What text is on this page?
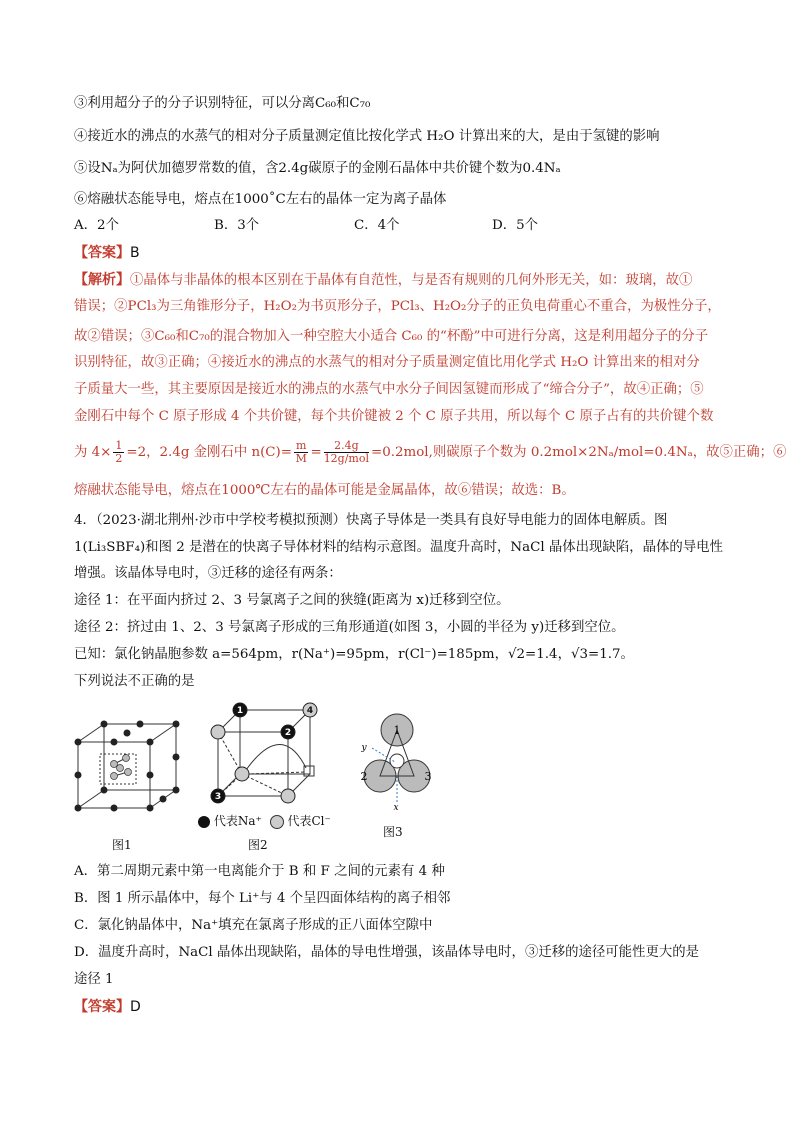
③利用超分子的分子识别特征，可以分离C₆₀和C₇₀
④接近水的沸点的水蒸气的相对分子质量测定值比按化学式 H₂O 计算出来的大，是由于氢键的影响
⑤设Nₐ为阿伏加德罗常数的值，含2.4g碳原子的金刚石晶体中共价键个数为0.4Nₐ
⑥熔融状态能导电，熔点在1000˚C左右的晶体一定为离子晶体
A．2个	B．3个	C．4个	D．5个
【答案】B
【解析】①晶体与非晶体的根本区别在于晶体有自范性，与是否有规则的几何外形无关，如：玻璃，故①
错误；②PCl₃为三角锥形分子，H₂O₂为书页形分子，PCl₃、H₂O₂分子的正负电荷重心不重合，为极性分子，
故②错误；③C₆₀和C₇₀的混合物加入一种空腔大小适合 C₆₀ 的“杯酚”中可进行分离，这是利用超分子的分子
识别特征，故③正确；④接近水的沸点的水蒸气的相对分子质量测定值比用化学式 H₂O 计算出来的相对分
子质量大一些，其主要原因是接近水的沸点的水蒸气中水分子间因氢键而形成了“缔合分子”，故④正确；⑤
金刚石中每个 C 原子形成 4 个共价键，每个共价键被 2 个 C 原子共用，所以每个 C 原子占有的共价键个数
为 $4\times \frac{1}{2} =2$，2.4g 金刚石中 $n(C)= \frac{m}{M} = \frac{2.4g}{\text{12g/mol}} =0.2mol$,则碳原子个数为 0.2mol×2Nₐ/mol=0.4Nₐ，故⑤正确；⑥
熔融状态能导电，熔点在1000℃左右的晶体可能是金属晶体，故⑥错误；故选：B。
4．（2023·湖北荆州·沙市中学校考模拟预测）快离子导体是一类具有良好导电能力的固体电解质。图
1(Li₃SBF₄)和图 2 是潜在的快离子导体材料的结构示意图。温度升高时，NaCl 晶体出现缺陷，晶体的导电性
增强。该晶体导电时，③迁移的途径有两条：
途径 1：在平面内挤过 2、3 号氯离子之间的狭缝(距离为 x)迁移到空位。
途径 2：挤过由 1、2、3 号氯离子形成的三角形通道(如图 3，小圆的半径为 y)迁移到空位。
已知：氯化钠晶胞参数 a=564pm，r(Na⁺)=95pm，r(Cl⁻)=185pm，√2=1.4，√3=1.7。
下列说法不正确的是
图1
1
2
3
4
代表Na⁺ 代表Cl⁻
图2
1
2	3
x
y
图3
A．第二周期元素中第一电离能介于 B 和 F 之间的元素有 4 种
B．图 1 所示晶体中，每个 Li⁺与 4 个呈四面体结构的离子相邻
C．氯化钠晶体中，Na⁺填充在氯离子形成的正八面体空隙中
D．温度升高时，NaCl 晶体出现缺陷，晶体的导电性增强，该晶体导电时，③迁移的途径可能性更大的是
途径 1
【答案】D
